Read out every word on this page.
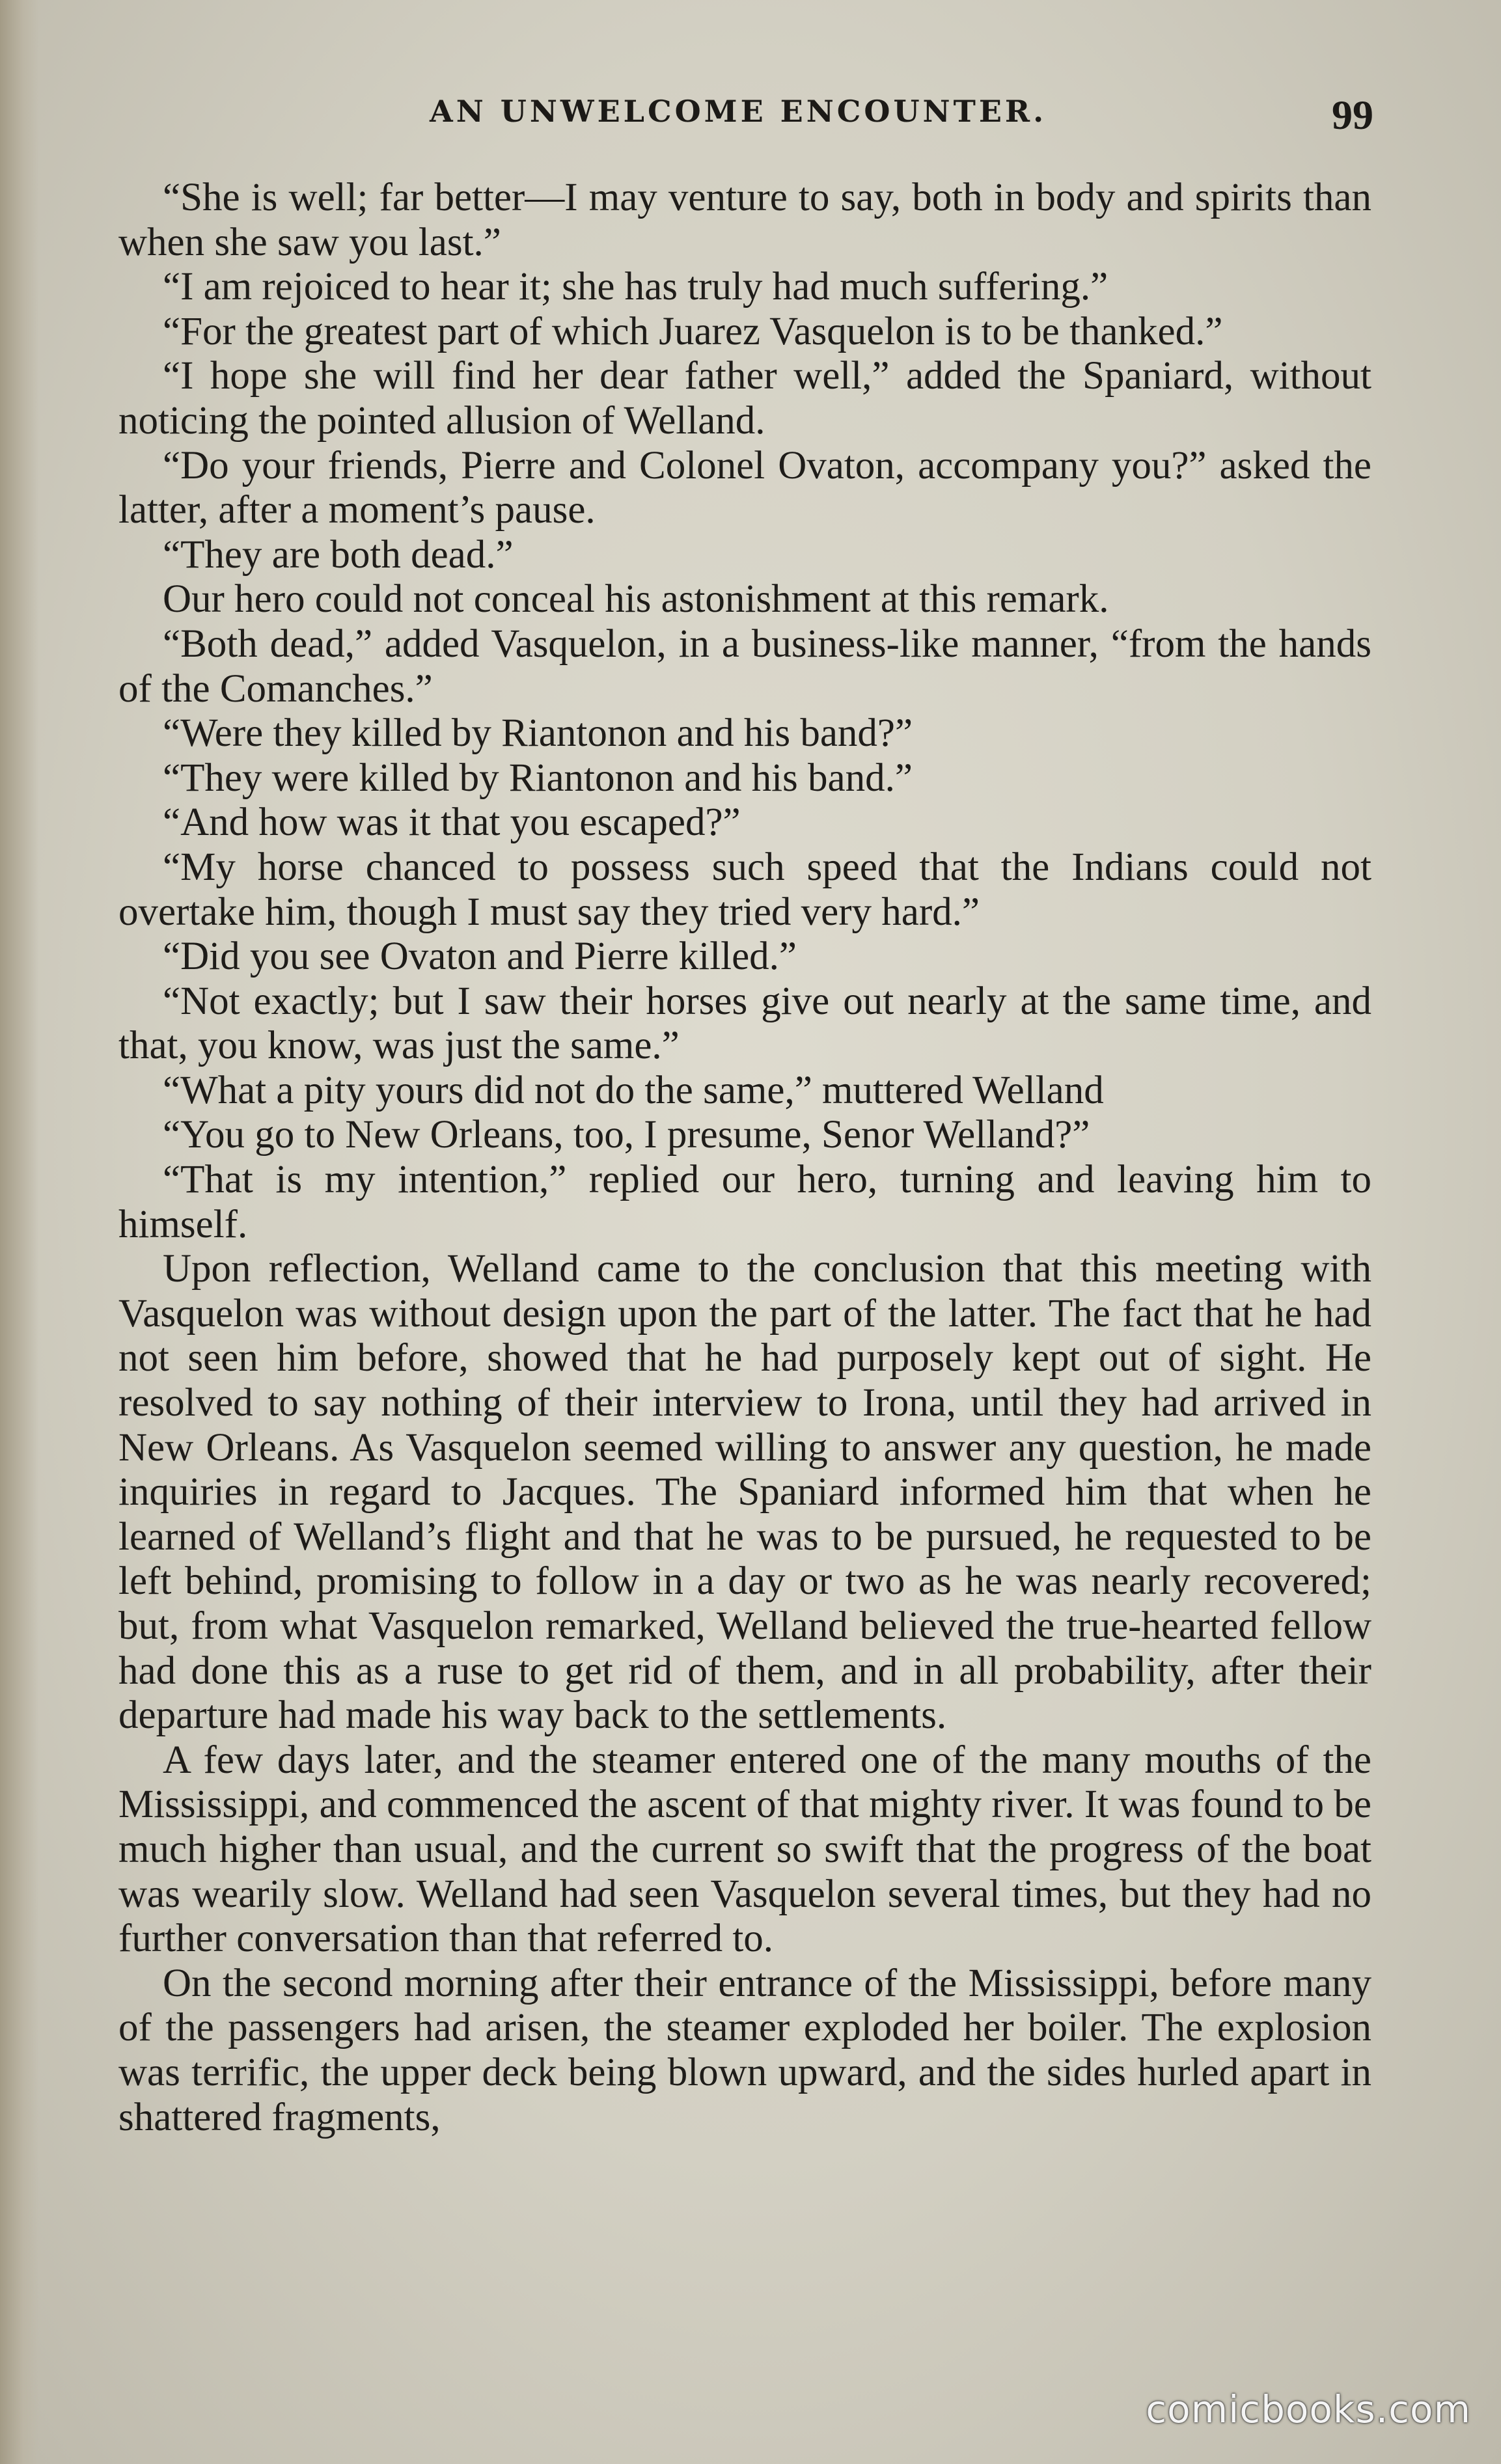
AN UNWELCOME ENCOUNTER.	99

“She is well; far better—I may venture to say, both in body and spirits than when she saw you last.”

“I am rejoiced to hear it; she has truly had much suffering.”

“For the greatest part of which Juarez Vasquelon is to be thanked.”

“I hope she will find her dear father well,” added the Spaniard, without noticing the pointed allusion of Welland.

“Do your friends, Pierre and Colonel Ovaton, accompany you?” asked the latter, after a moment’s pause.

“They are both dead.”

Our hero could not conceal his astonishment at this remark.

“Both dead,” added Vasquelon, in a business-like manner, “from the hands of the Comanches.”

“Were they killed by Riantonon and his band?”

“They were killed by Riantonon and his band.”

“And how was it that you escaped?”

“My horse chanced to possess such speed that the Indians could not overtake him, though I must say they tried very hard.”

“Did you see Ovaton and Pierre killed.”

“Not exactly; but I saw their horses give out nearly at the same time, and that, you know, was just the same.”

“What a pity yours did not do the same,” muttered Welland

“You go to New Orleans, too, I presume, Senor Welland?”

“That is my intention,” replied our hero, turning and leaving him to himself.

Upon reflection, Welland came to the conclusion that this meeting with Vasquelon was without design upon the part of the latter. The fact that he had not seen him before, showed that he had purposely kept out of sight. He resolved to say nothing of their interview to Irona, until they had arrived in New Orleans. As Vasquelon seemed willing to answer any question, he made inquiries in regard to Jacques. The Spaniard informed him that when he learned of Welland’s flight and that he was to be pursued, he requested to be left behind, promising to follow in a day or two as he was nearly recovered; but, from what Vasquelon remarked, Welland believed the true-hearted fellow had done this as a ruse to get rid of them, and in all probability, after their departure had made his way back to the settlements.

A few days later, and the steamer entered one of the many mouths of the Mississippi, and commenced the ascent of that mighty river. It was found to be much higher than usual, and the current so swift that the progress of the boat was wearily slow. Welland had seen Vasquelon several times, but they had no further conversation than that referred to.

On the second morning after their entrance of the Mississippi, before many of the passengers had arisen, the steamer exploded her boiler. The explosion was terrific, the upper deck being blown upward, and the sides hurled apart in shattered fragments,

comicbooks.com
